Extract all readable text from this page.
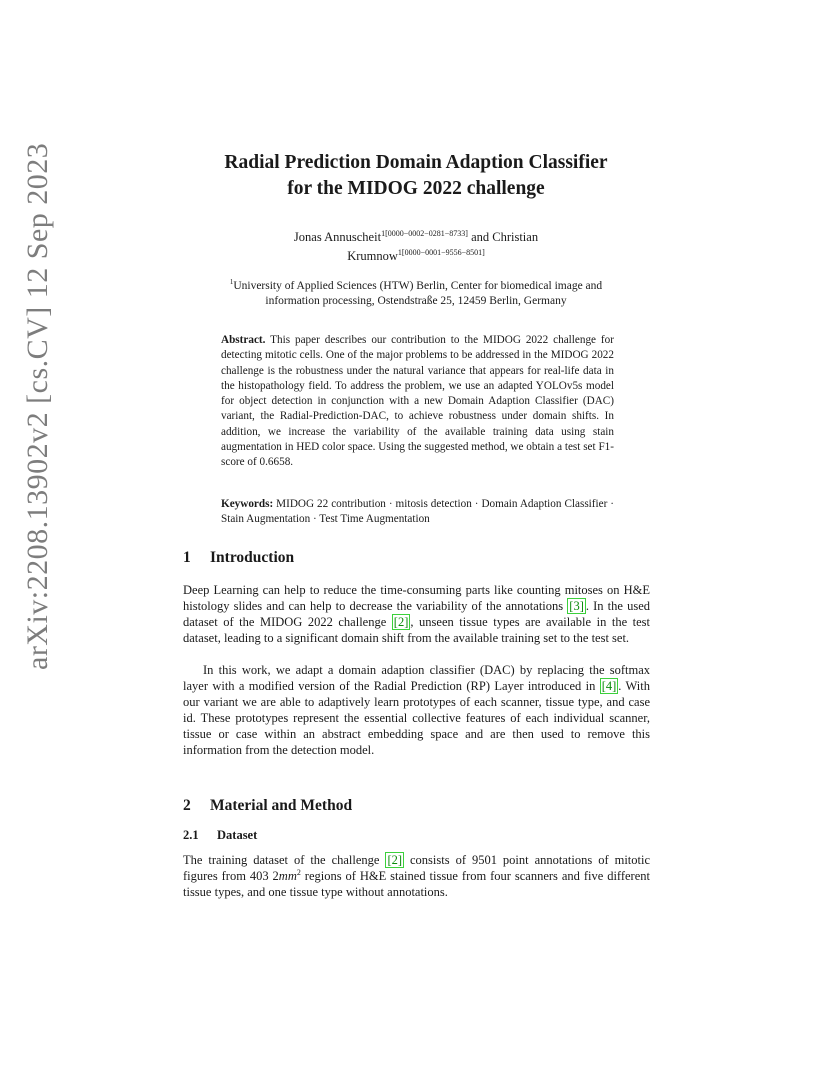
arXiv:2208.13902v2 [cs.CV] 12 Sep 2023	Radial Prediction Domain Adaption Classifier
for the MIDOG 2022 challenge
Jonas Annuscheit$^{1[0000-0002-0281-8733]}$ and Christian
Krumnow$^{1[0000-0001-9556-8501]}$
$^1$University of Applied Sciences (HTW) Berlin, Center for biomedical image and
information processing, Ostendstraße 25, 12459 Berlin, Germany
Abstract. This paper describes our contribution to the MIDOG 2022 challenge for detecting mitotic cells. One of the major problems to be addressed in the MIDOG 2022 challenge is the robustness under the natural variance that appears for real-life data in the histopathology field. To address the problem, we use an adapted YOLOv5s model for object detection in conjunction with a new Domain Adaption Classifier (DAC) variant, the Radial-Prediction-DAC, to achieve robustness under domain shifts. In addition, we increase the variability of the available training data using stain augmentation in HED color space. Using the suggested method, we obtain a test set F1-score of 0.6658.
Keywords: MIDOG 22 contribution · mitosis detection · Domain Adaption Classifier · Stain Augmentation · Test Time Augmentation
1 Introduction
Deep Learning can help to reduce the time-consuming parts like counting mitoses on H&E histology slides and can help to decrease the variability of the annotations [3] . In the used dataset of the MIDOG 2022 challenge [2] , unseen tissue types are available in the test dataset, leading to a significant domain shift from the available training set to the test set.
In this work, we adapt a domain adaption classifier (DAC) by replacing the softmax layer with a modified version of the Radial Prediction (RP) Layer introduced in [4] . With our variant we are able to adaptively learn prototypes of each scanner, tissue type, and case id. These prototypes represent the essential collective features of each individual scanner, tissue or case within an abstract embedding space and are then used to remove this information from the detection model.
2 Material and Method
2.1 Dataset
The training dataset of the challenge [2] consists of 9501 point annotations of mitotic figures from 403 $2mm^2$ regions of H&E stained tissue from four scanners and five different tissue types, and one tissue type without annotations.
